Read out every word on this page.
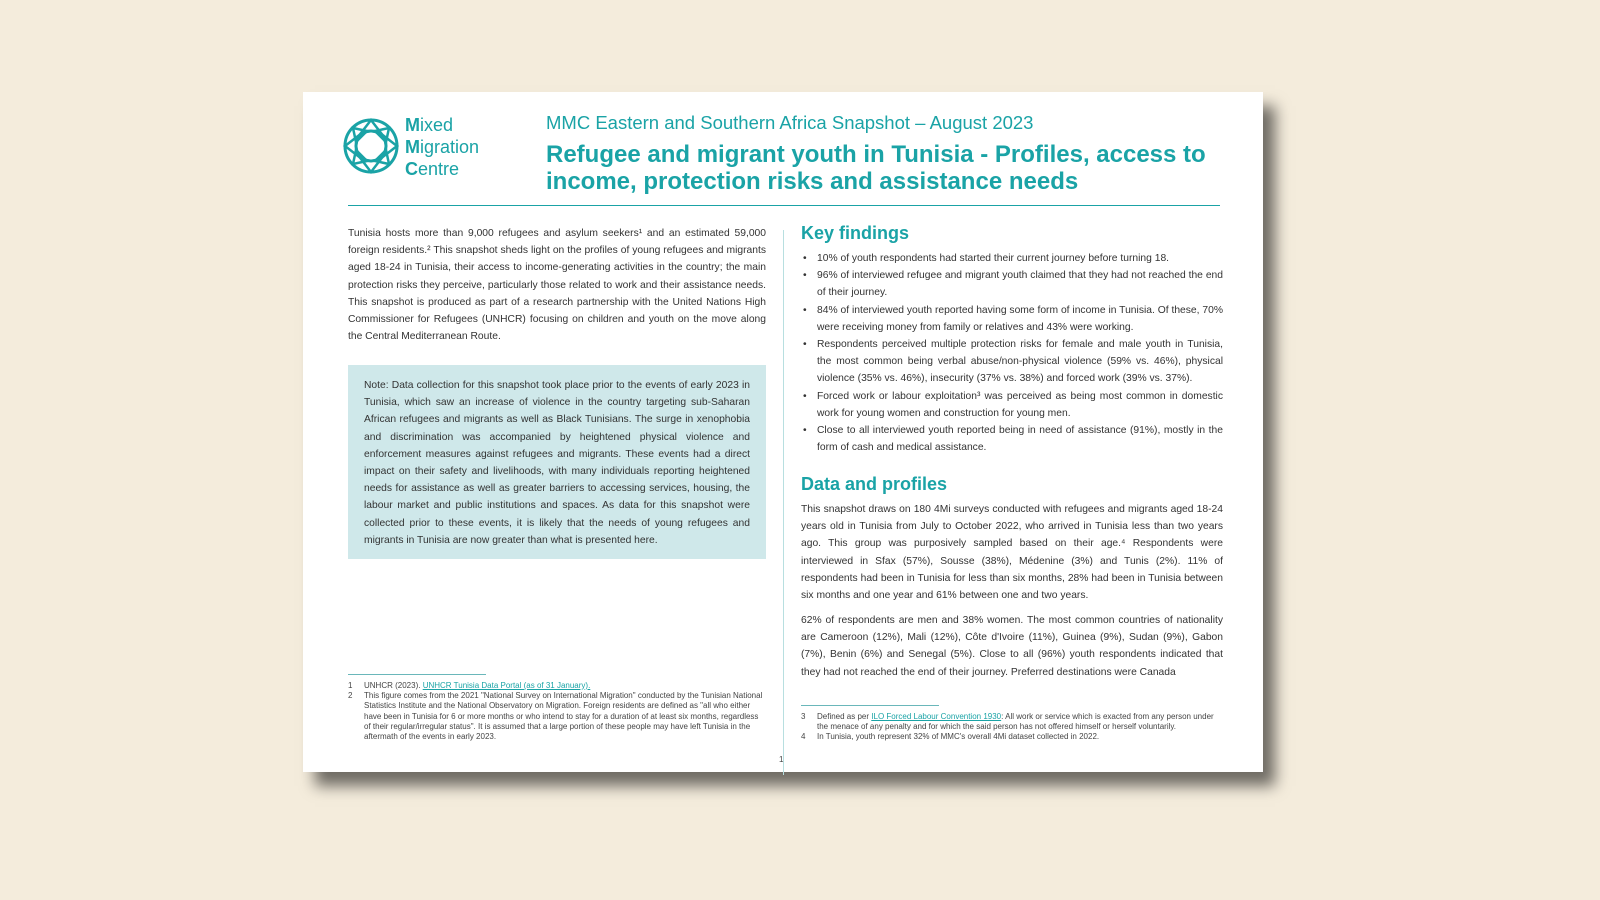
Mixed
Migration
Centre
MMC Eastern and Southern Africa Snapshot – August 2023
Refugee and migrant youth in Tunisia - Profiles, access to income, protection risks and assistance needs
Tunisia hosts more than 9,000 refugees and asylum seekers¹ and an estimated 59,000 foreign residents.² This snapshot sheds light on the profiles of young refugees and migrants aged 18-24 in Tunisia, their access to income-generating activities in the country; the main protection risks they perceive, particularly those related to work and their assistance needs. This snapshot is produced as part of a research partnership with the United Nations High Commissioner for Refugees (UNHCR) focusing on children and youth on the move along the Central Mediterranean Route.
Note: Data collection for this snapshot took place prior to the events of early 2023 in Tunisia, which saw an increase of violence in the country targeting sub-Saharan African refugees and migrants as well as Black Tunisians. The surge in xenophobia and discrimination was accompanied by heightened physical violence and enforcement measures against refugees and migrants. These events had a direct impact on their safety and livelihoods, with many individuals reporting heightened needs for assistance as well as greater barriers to accessing services, housing, the labour market and public institutions and spaces. As data for this snapshot were collected prior to these events, it is likely that the needs of young refugees and migrants in Tunisia are now greater than what is presented here.
1	UNHCR (2023). UNHCR Tunisia Data Portal (as of 31 January).
2	This figure comes from the 2021 "National Survey on International Migration" conducted by the Tunisian National Statistics Institute and the National Observatory on Migration. Foreign residents are defined as "all who either have been in Tunisia for 6 or more months or who intend to stay for a duration of at least six months, regardless of their regular/irregular status". It is assumed that a large portion of these people may have left Tunisia in the aftermath of the events in early 2023.
Key findings
• 10% of youth respondents had started their current journey before turning 18.
• 96% of interviewed refugee and migrant youth claimed that they had not reached the end of their journey.
• 84% of interviewed youth reported having some form of income in Tunisia. Of these, 70% were receiving money from family or relatives and 43% were working.
• Respondents perceived multiple protection risks for female and male youth in Tunisia, the most common being verbal abuse/non-physical violence (59% vs. 46%), physical violence (35% vs. 46%), insecurity (37% vs. 38%) and forced work (39% vs. 37%).
• Forced work or labour exploitation³ was perceived as being most common in domestic work for young women and construction for young men.
• Close to all interviewed youth reported being in need of assistance (91%), mostly in the form of cash and medical assistance.
Data and profiles
This snapshot draws on 180 4Mi surveys conducted with refugees and migrants aged 18-24 years old in Tunisia from July to October 2022, who arrived in Tunisia less than two years ago. This group was purposively sampled based on their age.⁴ Respondents were interviewed in Sfax (57%), Sousse (38%), Médenine (3%) and Tunis (2%). 11% of respondents had been in Tunisia for less than six months, 28% had been in Tunisia between six months and one year and 61% between one and two years.
62% of respondents are men and 38% women. The most common countries of nationality are Cameroon (12%), Mali (12%), Côte d'Ivoire (11%), Guinea (9%), Sudan (9%), Gabon (7%), Benin (6%) and Senegal (5%). Close to all (96%) youth respondents indicated that they had not reached the end of their journey. Preferred destinations were Canada
3	Defined as per ILO Forced Labour Convention 1930: All work or service which is exacted from any person under the menace of any penalty and for which the said person has not offered himself or herself voluntarily.
4	In Tunisia, youth represent 32% of MMC's overall 4Mi dataset collected in 2022.
1
